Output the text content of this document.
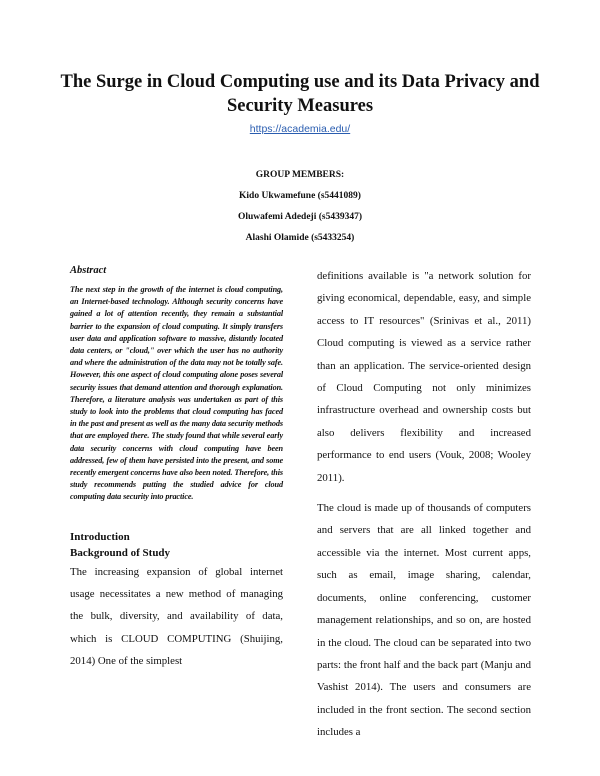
The Surge in Cloud Computing use and its Data Privacy and Security Measures
https://academia.edu/
GROUP MEMBERS:
Kido Ukwamefune (s5441089)
Oluwafemi Adedeji (s5439347)
Alashi Olamide (s5433254)
Abstract

The next step in the growth of the internet is cloud computing, an Internet-based technology. Although security concerns have gained a lot of attention recently, they remain a substantial barrier to the expansion of cloud computing. It simply transfers user data and application software to massive, distantly located data centers, or "cloud," over which the user has no authority and where the administration of the data may not be totally safe. However, this one aspect of cloud computing alone poses several security issues that demand attention and thorough explanation. Therefore, a literature analysis was undertaken as part of this study to look into the problems that cloud computing has faced in the past and present as well as the many data security methods that are employed there. The study found that while several early data security concerns with cloud computing have been addressed, few of them have persisted into the present, and some recently emergent concerns have also been noted. Therefore, this study recommends putting the studied advice for cloud computing data security into practice.

Introduction
Background of Study

The increasing expansion of global internet usage necessitates a new method of managing the bulk, diversity, and availability of data, which is CLOUD COMPUTING (Shuijing, 2014) One of the simplest

definitions available is "a network solution for giving economical, dependable, easy, and simple access to IT resources" (Srinivas et al., 2011) Cloud computing is viewed as a service rather than an application. The service-oriented design of Cloud Computing not only minimizes infrastructure overhead and ownership costs but also delivers flexibility and increased performance to end users (Vouk, 2008; Wooley 2011).

The cloud is made up of thousands of computers and servers that are all linked together and accessible via the internet. Most current apps, such as email, image sharing, calendar, documents, online conferencing, customer management relationships, and so on, are hosted in the cloud. The cloud can be separated into two parts: the front half and the back part (Manju and Vashist 2014). The users and consumers are included in the front section. The second section includes a
